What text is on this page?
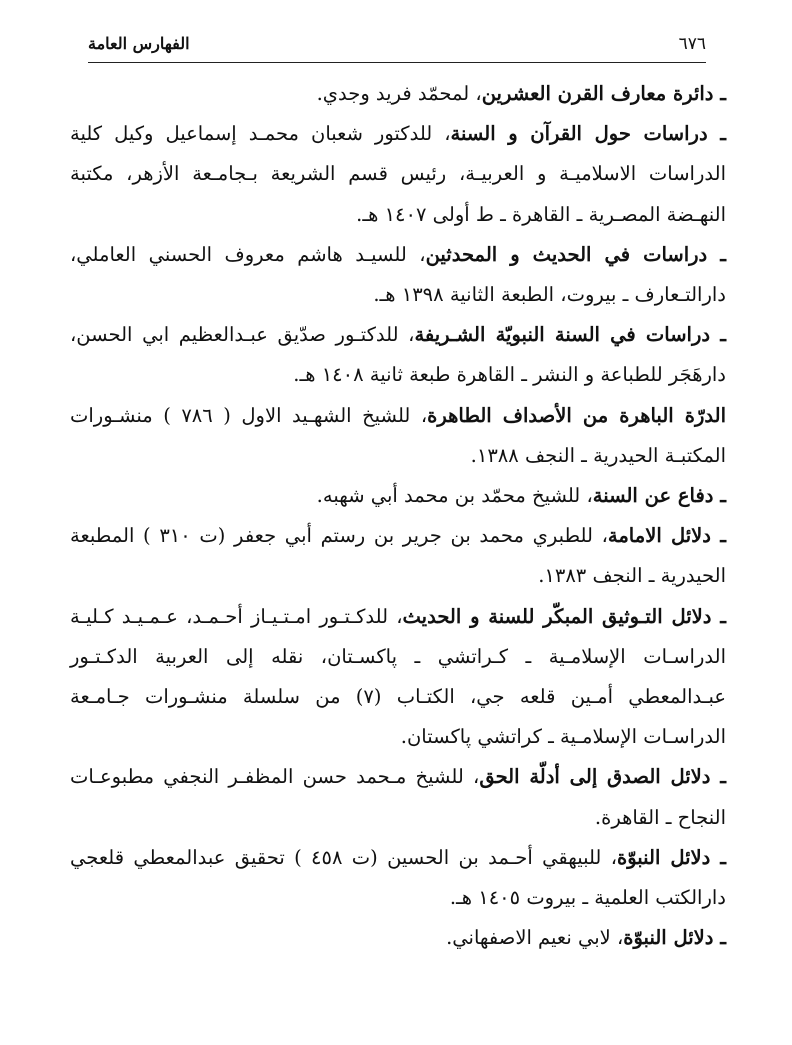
٦٧٦
الفهارس العامة

ـ دائرة معارف القرن العشرين، لمحمّد فريد وجدي.

ـ دراسات حول القرآن و السنة، للدكتور شعبان محمـد إسماعيل وكيل كلية الدراسات الاسلاميـة و العربيـة، رئيس قسم الشريعة بـجامـعة الأزهر، مكتبة النهـضة المصـرية ـ القاهرة ـ ط أولى ١٤٠٧ هـ.

ـ دراسات في الحديث و المحدثين، للسيـد هاشم معروف الحسني العاملي، دارالتـعارف ـ بيروت، الطبعة الثانية ١٣٩٨ هـ.

ـ دراسات في السنة النبويّة الشـريفة، للدكتـور صدّيق عبـدالعظيم ابي الحسن، دارهَجَر للطباعة و النشر ـ القاهرة طبعة ثانية ١٤٠٨ هـ.

الدرّة الباهرة من الأصداف الطاهرة، للشيخ الشهـيد الاول ( ٧٨٦ ) منشـورات المكتبـة الحيدرية ـ النجف ١٣٨٨.

ـ دفاع عن السنة، للشيخ محمّد بن محمد أبي شهبه.

ـ دلائل الامامة، للطبري محمد بن جرير بن رستم أبي جعفر (ت ٣١٠ ) المطبعة الحيدرية ـ النجف ١٣٨٣.

ـ دلائل التـوثيق المبكّر للسنة و الحديث، للدكـتـور امـتـيـاز أحـمـد، عـمـيـد كـليـة الدراسـات الإسلامـية ـ كـراتشي ـ پاكسـتان، نقله إلى العربية الدكـتـور عبـدالمعطي أمـين قلعه جي، الكتـاب (٧) من سلسلة منشـورات جـامـعة الدراسـات الإسلامـية ـ كراتشي پاكستان.

ـ دلائل الصدق إلى أدلّة الحق، للشيخ مـحمد حسن المظفـر النجفي مطبوعـات النجاح ـ القاهرة.

ـ دلائل النبوّة، للبيهقي أحـمد بن الحسين (ت ٤٥٨ ) تحقيق عبدالمعطي قلعجي دارالكتب العلمية ـ بيروت ١٤٠٥ هـ.

ـ دلائل النبوّة، لابي نعيم الاصفهاني.
